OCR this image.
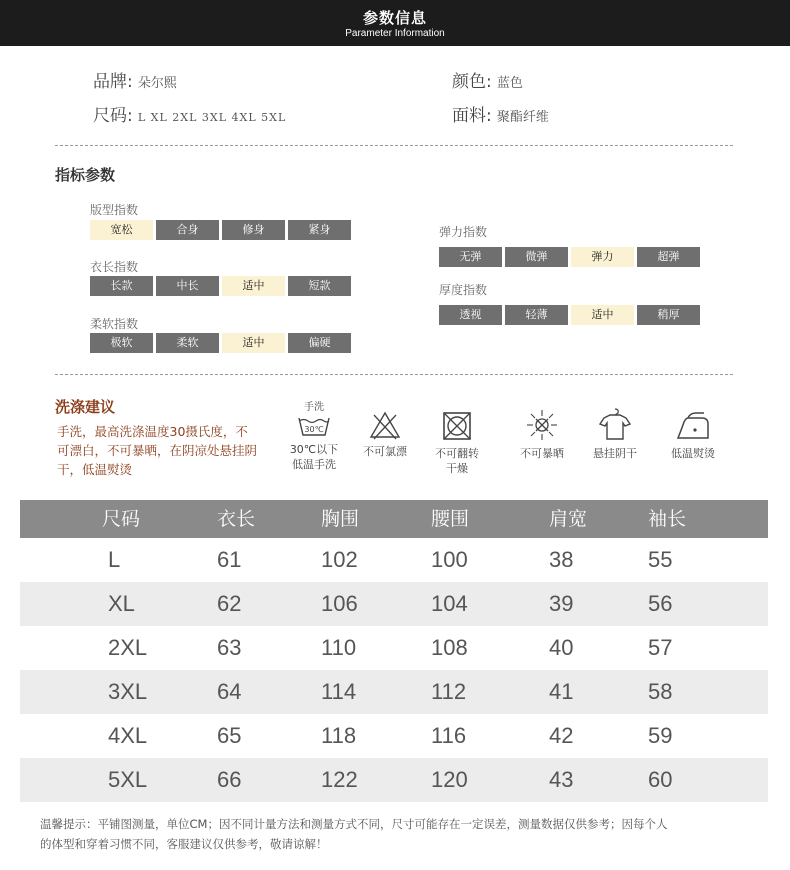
参数信息
Parameter Information
品牌: 朵尔熙
尺码: L XL 2XL 3XL 4XL 5XL
颜色: 蓝色
面料: 聚酯纤维
指标参数
版型指数
宽松	合身	修身	紧身
衣长指数
长款	中长	适中	短款
柔软指数
极软	柔软	适中	偏硬
弹力指数
无弹	微弹	弹力	超弹
厚度指数
透视	轻薄	适中	稍厚
洗涤建议
手洗，最高洗涤温度30摄氏度，不可漂白，不可暴晒，在阴凉处悬挂阴干，低温熨烫
手洗
30℃
30℃以下
低温手洗
不可氯漂	不可翻转
干燥
不可暴晒	悬挂阴干	低温熨烫
尺码	衣长	胸围	腰围	肩宽	袖长
L	61	102	100	38	55
XL	62	106	104	39	56
2XL	63	110	108	40	57
3XL	64	114	112	41	58
4XL	65	118	116	42	59
5XL	66	122	120	43	60
温馨提示：平铺图测量，单位CM；因不同计量方法和测量方式不同，尺寸可能存在一定误差，测量数据仅供参考；因每个人
的体型和穿着习惯不同，客服建议仅供参考，敬请谅解！
